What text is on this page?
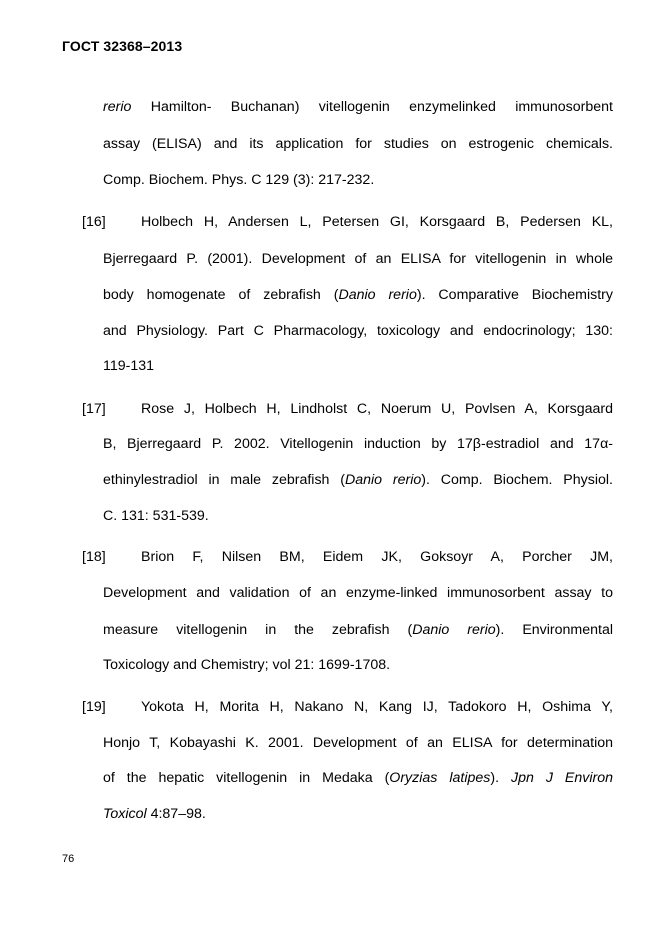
ГОСТ 32368–2013
rerio Hamilton- Buchanan) vitellogenin enzymelinked immunosorbent
assay (ELISA) and its application for studies on estrogenic chemicals.
Comp. Biochem. Phys. C 129 (3): 217-232.
[16] Holbech H, Andersen L, Petersen GI, Korsgaard B, Pedersen KL,
Bjerregaard P. (2001). Development of an ELISA for vitellogenin in whole
body homogenate of zebrafish (Danio rerio). Comparative Biochemistry
and Physiology. Part C Pharmacology, toxicology and endocrinology; 130:
119-131
[17] Rose J, Holbech H, Lindholst C, Noerum U, Povlsen A, Korsgaard
B, Bjerregaard P. 2002. Vitellogenin induction by 17β-estradiol and 17α-
ethinylestradiol in male zebrafish (Danio rerio). Comp. Biochem. Physiol.
C. 131: 531-539.
[18] Brion F, Nilsen BM, Eidem JK, Goksoyr A, Porcher JM,
Development and validation of an enzyme-linked immunosorbent assay to
measure vitellogenin in the zebrafish (Danio rerio). Environmental
Toxicology and Chemistry; vol 21: 1699-1708.
[19] Yokota H, Morita H, Nakano N, Kang IJ, Tadokoro H, Oshima Y,
Honjo T, Kobayashi K. 2001. Development of an ELISA for determination
of the hepatic vitellogenin in Medaka (Oryzias latipes). Jpn J Environ
Toxicol 4:87–98.
76
